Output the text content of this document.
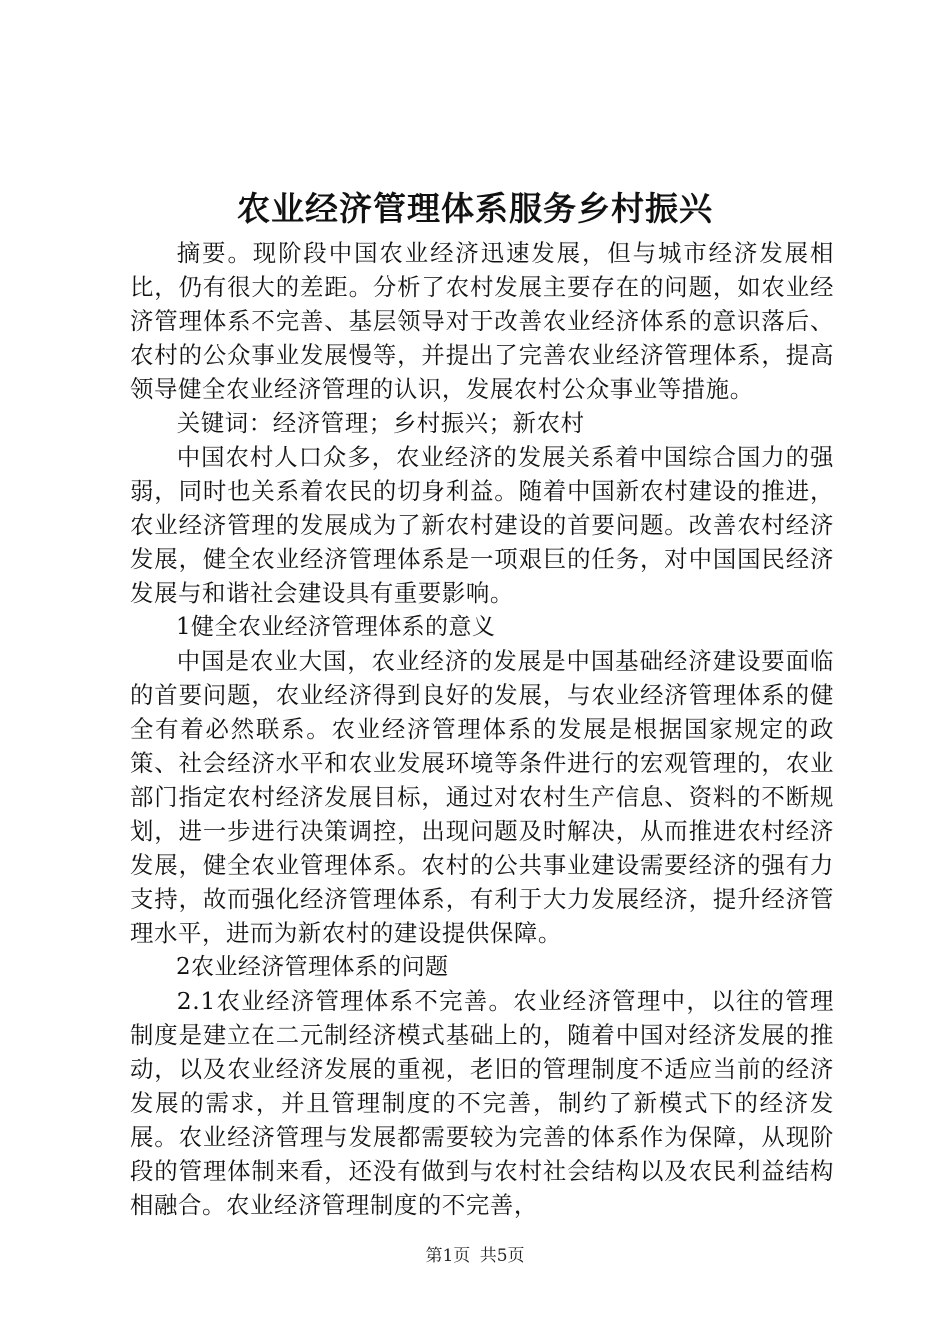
农业经济管理体系服务乡村振兴

摘要。现阶段中国农业经济迅速发展，但与城市经济发展相比，仍有很大的差距。分析了农村发展主要存在的问题，如农业经济管理体系不完善、基层领导对于改善农业经济体系的意识落后、农村的公众事业发展慢等，并提出了完善农业经济管理体系，提高领导健全农业经济管理的认识，发展农村公众事业等措施。

关键词：经济管理；乡村振兴；新农村

中国农村人口众多，农业经济的发展关系着中国综合国力的强弱，同时也关系着农民的切身利益。随着中国新农村建设的推进，农业经济管理的发展成为了新农村建设的首要问题。改善农村经济发展，健全农业经济管理体系是一项艰巨的任务，对中国国民经济发展与和谐社会建设具有重要影响。

1健全农业经济管理体系的意义

中国是农业大国，农业经济的发展是中国基础经济建设要面临的首要问题，农业经济得到良好的发展，与农业经济管理体系的健全有着必然联系。农业经济管理体系的发展是根据国家规定的政策、社会经济水平和农业发展环境等条件进行的宏观管理的，农业部门指定农村经济发展目标，通过对农村生产信息、资料的不断规划，进一步进行决策调控，出现问题及时解决，从而推进农村经济发展，健全农业管理体系。农村的公共事业建设需要经济的强有力支持，故而强化经济管理体系，有利于大力发展经济，提升经济管理水平，进而为新农村的建设提供保障。

2农业经济管理体系的问题

2.1农业经济管理体系不完善。农业经济管理中，以往的管理制度是建立在二元制经济模式基础上的，随着中国对经济发展的推动，以及农业经济发展的重视，老旧的管理制度不适应当前的经济发展的需求，并且管理制度的不完善，制约了新模式下的经济发展。农业经济管理与发展都需要较为完善的体系作为保障，从现阶段的管理体制来看，还没有做到与农村社会结构以及农民利益结构相融合。农业经济管理制度的不完善，

第1页 共5页
